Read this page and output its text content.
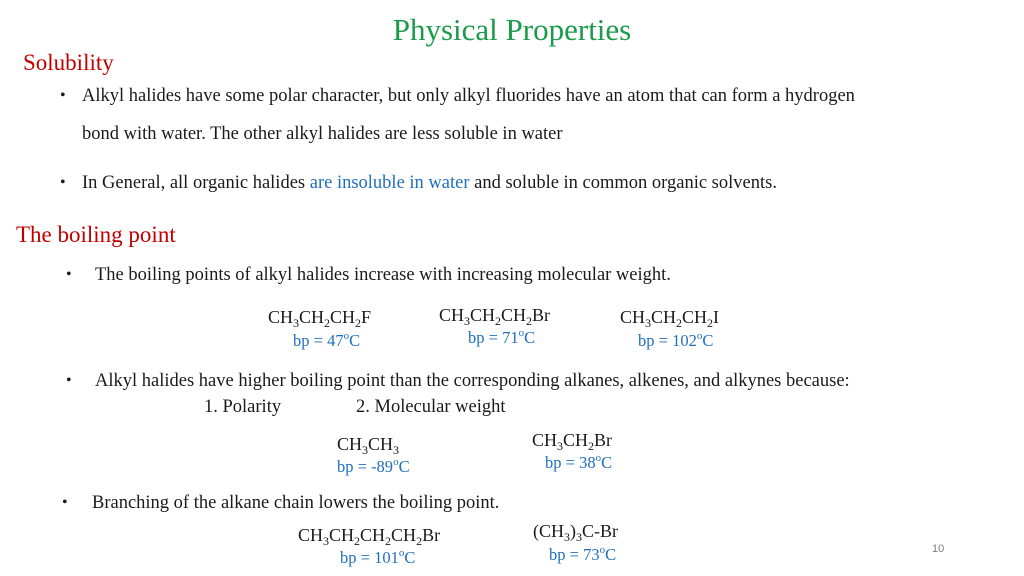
Physical Properties
Solubility
• Alkyl halides have some polar character, but only alkyl fluorides have an atom that can form a hydrogen
bond with water. The other alkyl halides are less soluble in water
• In General, all organic halides are insoluble in water and soluble in common organic solvents.
The boiling point
• The boiling points of alkyl halides increase with increasing molecular weight.
$CH_3CH_2CH_2F$
bp = $47^oC$
$CH_3CH_2CH_2Br$
bp = $71^oC$
$CH_3CH_2CH_2I$
bp = $102^oC$
• Alkyl halides have higher boiling point than the corresponding alkanes, alkenes, and alkynes because:
1. Polarity	2. Molecular weight
$CH_3CH_3$
bp = $-89^oC$
$CH_3CH_2Br$
bp = $38^oC$
• Branching of the alkane chain lowers the boiling point.
$CH_3CH_2CH_2CH_2Br$
bp = $101^oC$
$(CH_3)_3C-Br$
bp = $73^oC$	10
